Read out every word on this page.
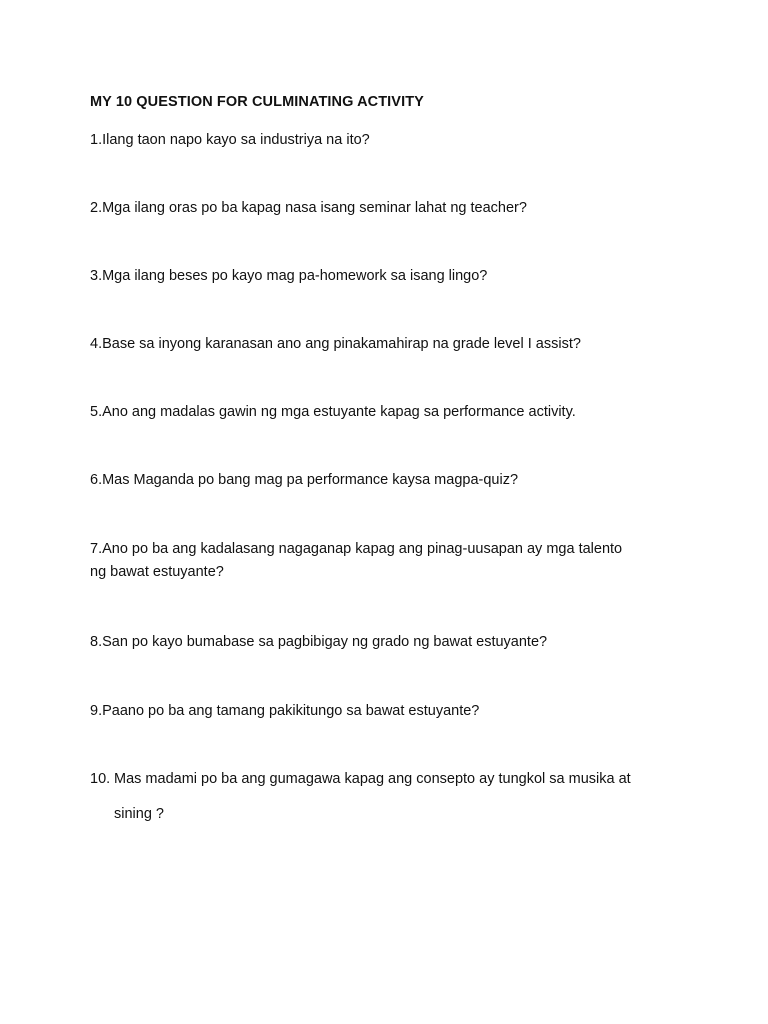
MY 10 QUESTION FOR CULMINATING ACTIVITY
1.Ilang taon napo kayo sa industriya na ito?
2.Mga ilang oras po ba kapag nasa isang seminar lahat ng teacher?
3.Mga ilang beses po kayo mag pa-homework sa isang lingo?
4.Base sa inyong karanasan ano ang pinakamahirap na grade level I assist?
5.Ano ang madalas gawin ng mga estuyante kapag sa performance activity.
6.Mas Maganda po bang mag pa performance kaysa magpa-quiz?
7.Ano po ba ang kadalasang nagaganap kapag ang pinag-uusapan ay mga talento
ng bawat estuyante?
8.San po kayo bumabase sa pagbibigay ng grado ng bawat estuyante?
9.Paano po ba ang tamang pakikitungo sa bawat estuyante?
10. Mas madami po ba ang gumagawa kapag ang consepto ay tungkol sa musika at
sining ?
